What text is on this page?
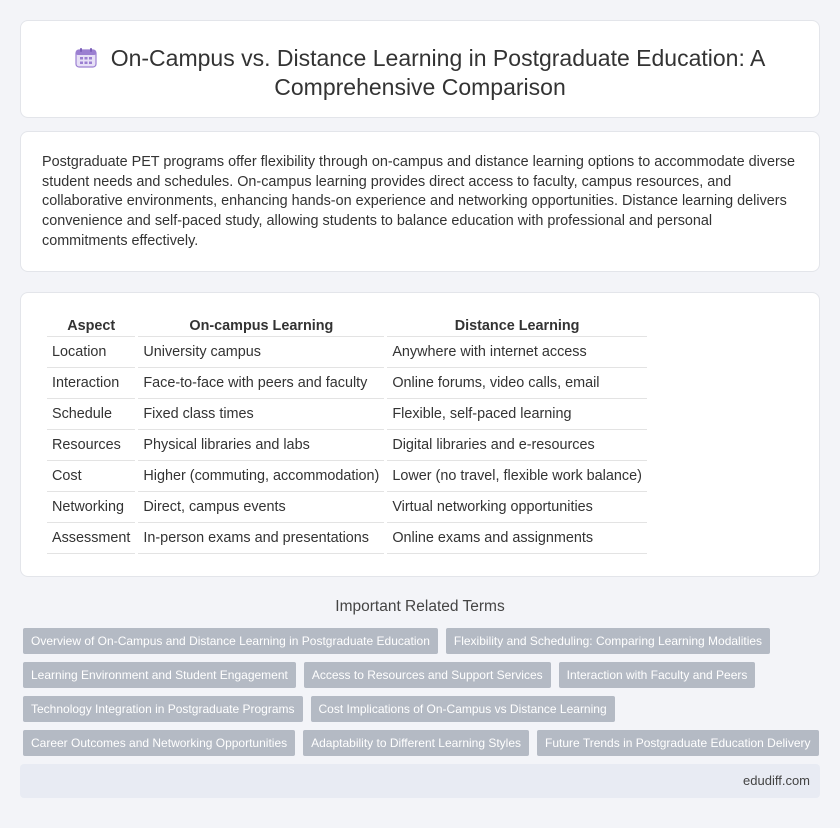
On-Campus vs. Distance Learning in Postgraduate Education: A Comprehensive Comparison

Postgraduate PET programs offer flexibility through on-campus and distance learning options to accommodate diverse student needs and schedules. On-campus learning provides direct access to faculty, campus resources, and collaborative environments, enhancing hands-on experience and networking opportunities. Distance learning delivers convenience and self-paced study, allowing students to balance education with professional and personal commitments effectively.

Aspect	On-campus Learning	Distance Learning
Location	University campus	Anywhere with internet access
Interaction	Face-to-face with peers and faculty	Online forums, video calls, email
Schedule	Fixed class times	Flexible, self-paced learning
Resources	Physical libraries and labs	Digital libraries and e-resources
Cost	Higher (commuting, accommodation)	Lower (no travel, flexible work balance)
Networking	Direct, campus events	Virtual networking opportunities
Assessment	In-person exams and presentations	Online exams and assignments
Important Related Terms
Overview of On-Campus and Distance Learning in Postgraduate Education	Flexibility and Scheduling: Comparing Learning Modalities
Learning Environment and Student Engagement	Access to Resources and Support Services	Interaction with Faculty and Peers
Technology Integration in Postgraduate Programs	Cost Implications of On-Campus vs Distance Learning
Career Outcomes and Networking Opportunities	Adaptability to Different Learning Styles	Future Trends in Postgraduate Education Delivery
edudiff.com
